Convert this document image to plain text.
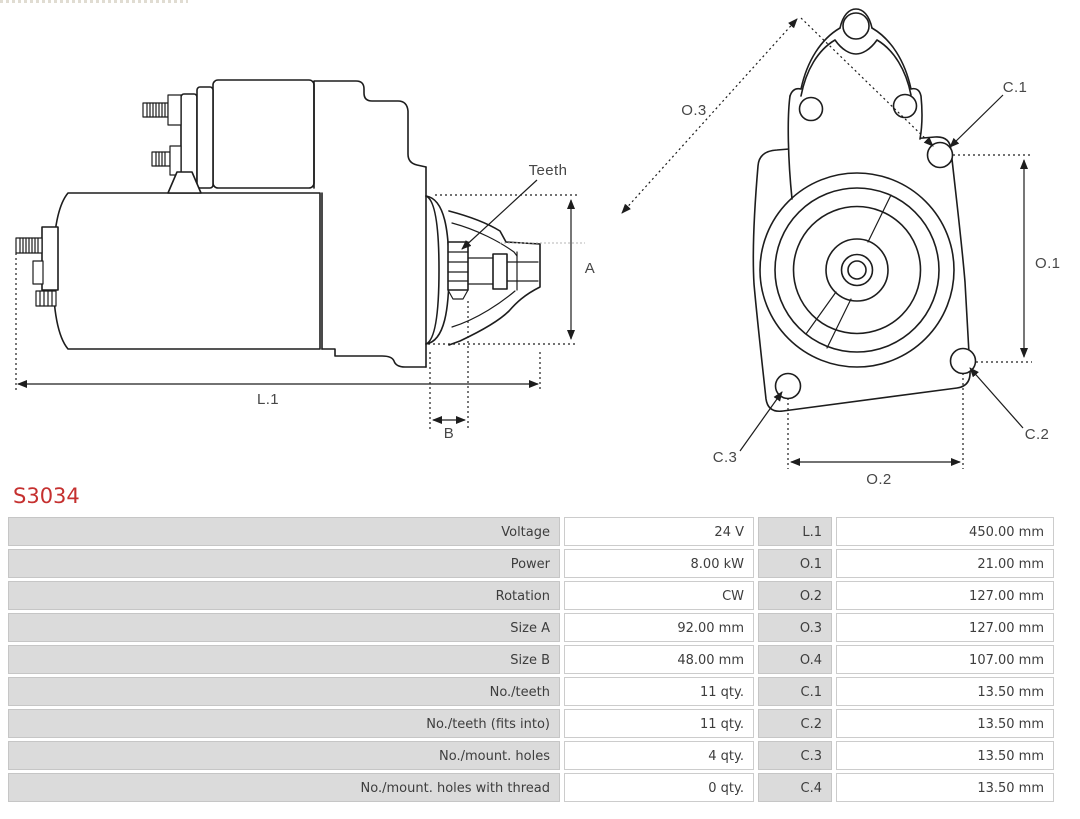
A
Teeth
L.1
B
O.3
C.1
O.1
C.2
C.3
O.2
S3034
Voltage	24 V	L.1	450.00 mm
Power	8.00 kW	O.1	21.00 mm
Rotation	CW	O.2	127.00 mm
Size A	92.00 mm	O.3	127.00 mm
Size B	48.00 mm	O.4	107.00 mm
No./teeth	11 qty.	C.1	13.50 mm
No./teeth (fits into)	11 qty.	C.2	13.50 mm
No./mount. holes	4 qty.	C.3	13.50 mm
No./mount. holes with thread	0 qty.	C.4	13.50 mm
